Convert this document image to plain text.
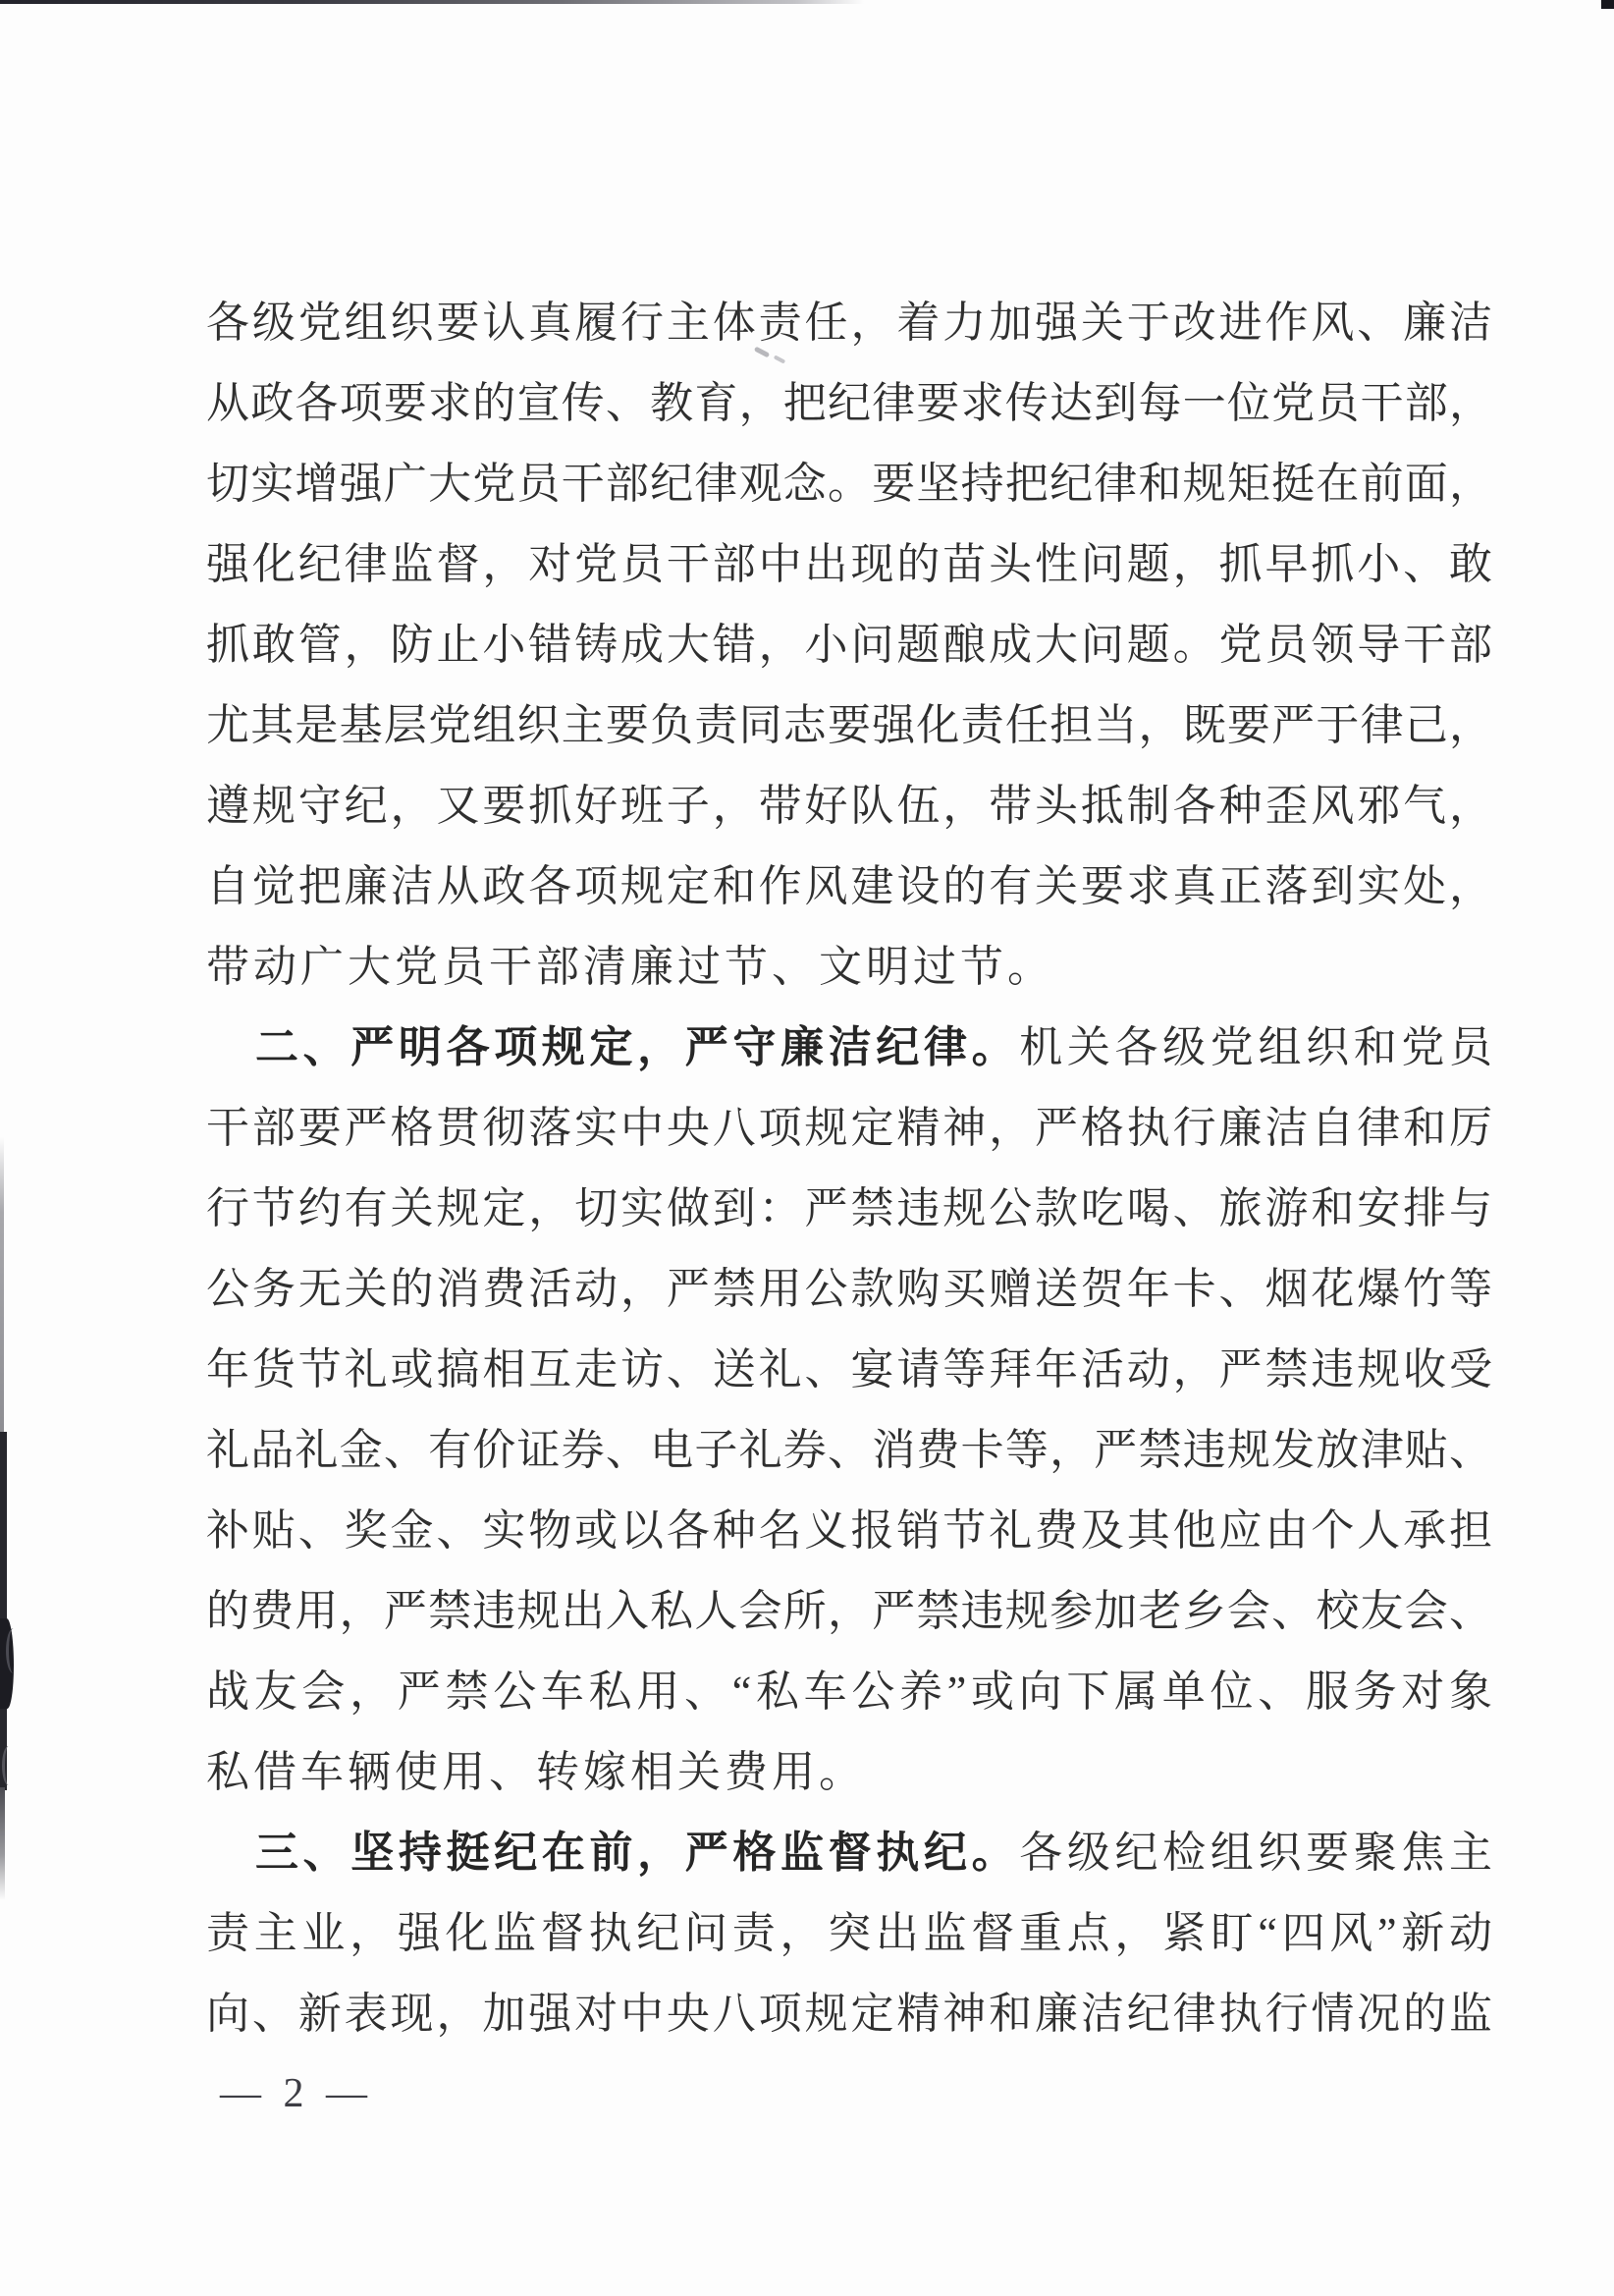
各级党组织要认真履行主体责任，着力加强关于改进作风、廉洁
从政各项要求的宣传、教育，把纪律要求传达到每一位党员干部，
切实增强广大党员干部纪律观念。要坚持把纪律和规矩挺在前面，
强化纪律监督，对党员干部中出现的苗头性问题，抓早抓小、敢
抓敢管，防止小错铸成大错，小问题酿成大问题。党员领导干部
尤其是基层党组织主要负责同志要强化责任担当，既要严于律己，
遵规守纪，又要抓好班子，带好队伍，带头抵制各种歪风邪气，
自觉把廉洁从政各项规定和作风建设的有关要求真正落到实处，
带动广大党员干部清廉过节、文明过节。
二、严明各项规定，严守廉洁纪律。机关各级党组织和党员
干部要严格贯彻落实中央八项规定精神，严格执行廉洁自律和厉
行节约有关规定，切实做到：严禁违规公款吃喝、旅游和安排与
公务无关的消费活动，严禁用公款购买赠送贺年卡、烟花爆竹等
年货节礼或搞相互走访、送礼、宴请等拜年活动，严禁违规收受
礼品礼金、有价证券、电子礼券、消费卡等，严禁违规发放津贴、
补贴、奖金、实物或以各种名义报销节礼费及其他应由个人承担
的费用，严禁违规出入私人会所，严禁违规参加老乡会、校友会、
战友会，严禁公车私用、“私车公养”或向下属单位、服务对象
私借车辆使用、转嫁相关费用。
三、坚持挺纪在前，严格监督执纪。各级纪检组织要聚焦主
责主业，强化监督执纪问责，突出监督重点，紧盯“四风”新动
向、新表现，加强对中央八项规定精神和廉洁纪律执行情况的监
— 2 —
